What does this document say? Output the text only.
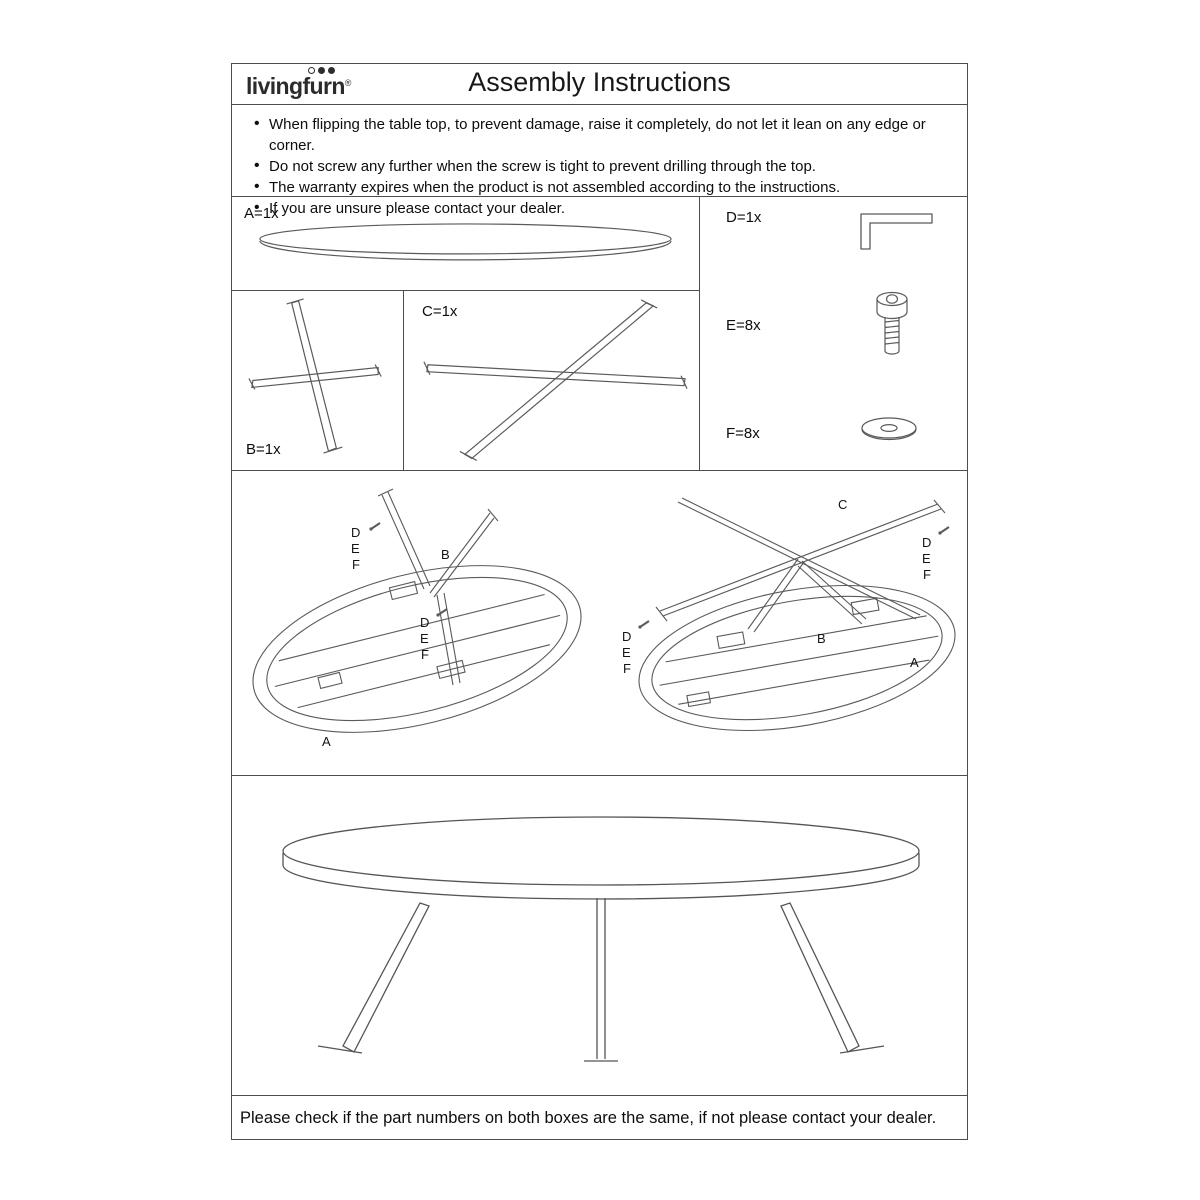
livingfurn®	Assembly Instructions
• When flipping the table top, to prevent damage, raise it completely, do not let it lean on any edge or corner.
• Do not screw any further when the screw is tight to prevent drilling through the top.
• The warranty expires when the product is not assembled according to the instructions.
• If you are unsure please contact your dealer.
A=1x
B=1x
C=1x
D=1x
E=8x
F=8x
D
E
F
B
D
E
F
A
C
D
E
F
B
D
E
F	A
Please check if the part numbers on both boxes are the same, if not please contact your dealer.
